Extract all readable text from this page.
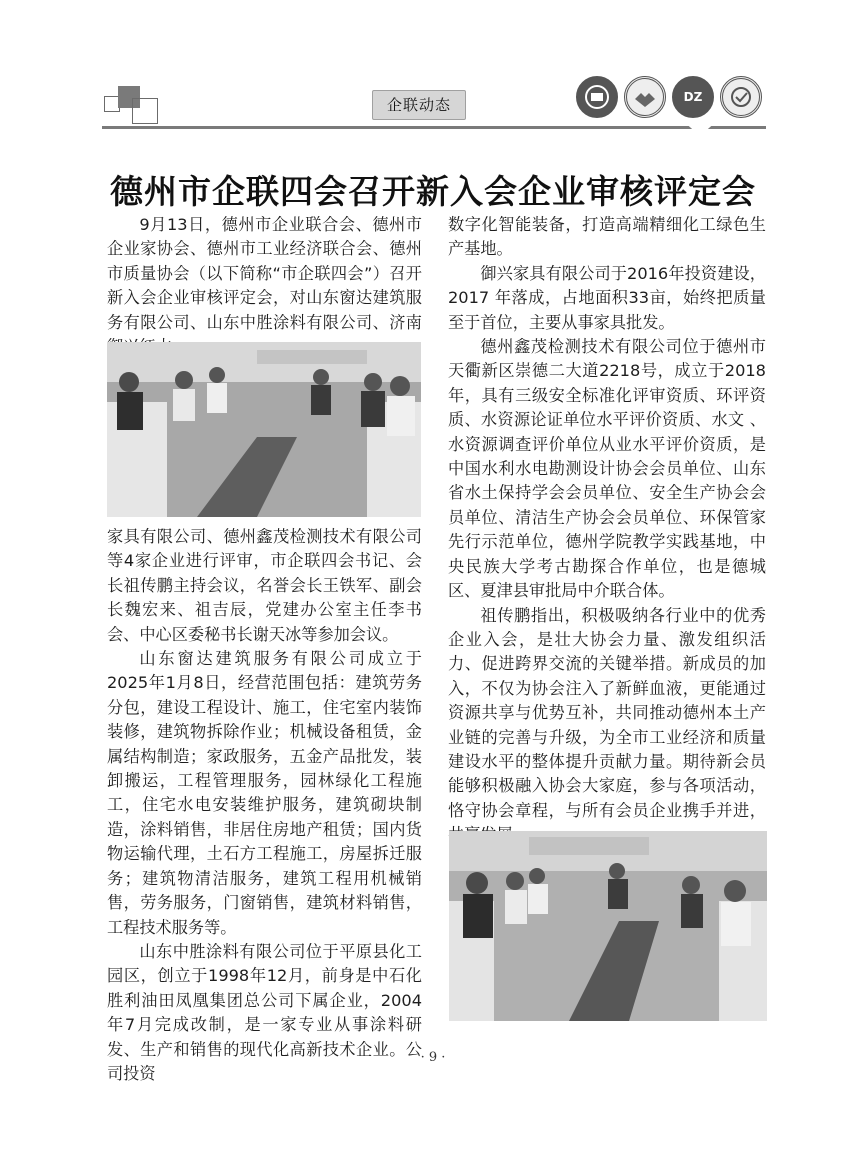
企联动态	DZ
德州市企联四会召开新入会企业审核评定会

9月13日，德州市企业联合会、德州市企业家协会、德州市工业经济联合会、德州市质量协会（以下简称“市企联四会”）召开新入会企业审核评定会，对山东窗达建筑服务有限公司、山东中胜涂料有限公司、济南

家具有限公司、德州鑫茂检测技术有限公司等4家企业进行评审，市企联四会书记、会长祖传鹏主持会议，名誉会长王铁军、副会长魏宏来、祖吉辰，党建办公室主任李书会、中心区委秘书长谢天冰等参加会议。

山东窗达建筑服务有限公司成立于2025年1月8日，经营范围包括：建筑劳务分包，建设工程设计、施工，住宅室内装饰装修，建筑物拆除作业；机械设备租赁，金属结构制造；家政服务，五金产品批发，装卸搬运，工程管理服务，园林绿化工程施工，住宅水电安装维护服务，建筑砌块制造，涂料销售，非居住房地产租赁；国内货物运输代理，土石方工程施工，房屋拆迁服务；建筑物清洁服务，建筑工程用机械销售，劳务服务，门窗销售，建筑材料销售，工程技术服务等。

山东中胜涂料有限公司位于平原县化工园区，创立于1998年12月，前身是中石化胜利油田凤凰集团总公司下属企业，2004年7月完成改制，是一家专业从事涂料研发、生产和销售的现代化高新技术企业。公司投资

数字化智能装备，打造高端精细化工绿色生产基地。

御兴家具有限公司于2016年投资建设，2017 年落成，占地面积33亩，始终把质量至于首位，主要从事家具批发。

德州鑫茂检测技术有限公司位于德州市天衢新区崇德二大道2218号，成立于2018年，具有三级安全标准化评审资质、环评资质、水资源论证单位水平评价资质、水文 、水资源调查评价单位从业水平评价资质，是中国水利水电勘测设计协会会员单位、山东省水土保持学会会员单位、安全生产协会会员单位、清洁生产协会会员单位、环保管家先行示范单位，德州学院教学实践基地，中央民族大学考古勘探合作单位，也是德城区、夏津县审批局中介联合体。

祖传鹏指出，积极吸纳各行业中的优秀企业入会，是壮大协会力量、激发组织活力、促进跨界交流的关键举措。新成员的加入，不仅为协会注入了新鲜血液，更能通过资源共享与优势互补，共同推动德州本土产业链的完善与升级，为全市工业经济和质量建设水平的整体提升贡献力量。期待新会员能够积极融入协会大家庭，参与各项活动，恪守协会章程，与所有会员企业携手并进，

· 9 ·
